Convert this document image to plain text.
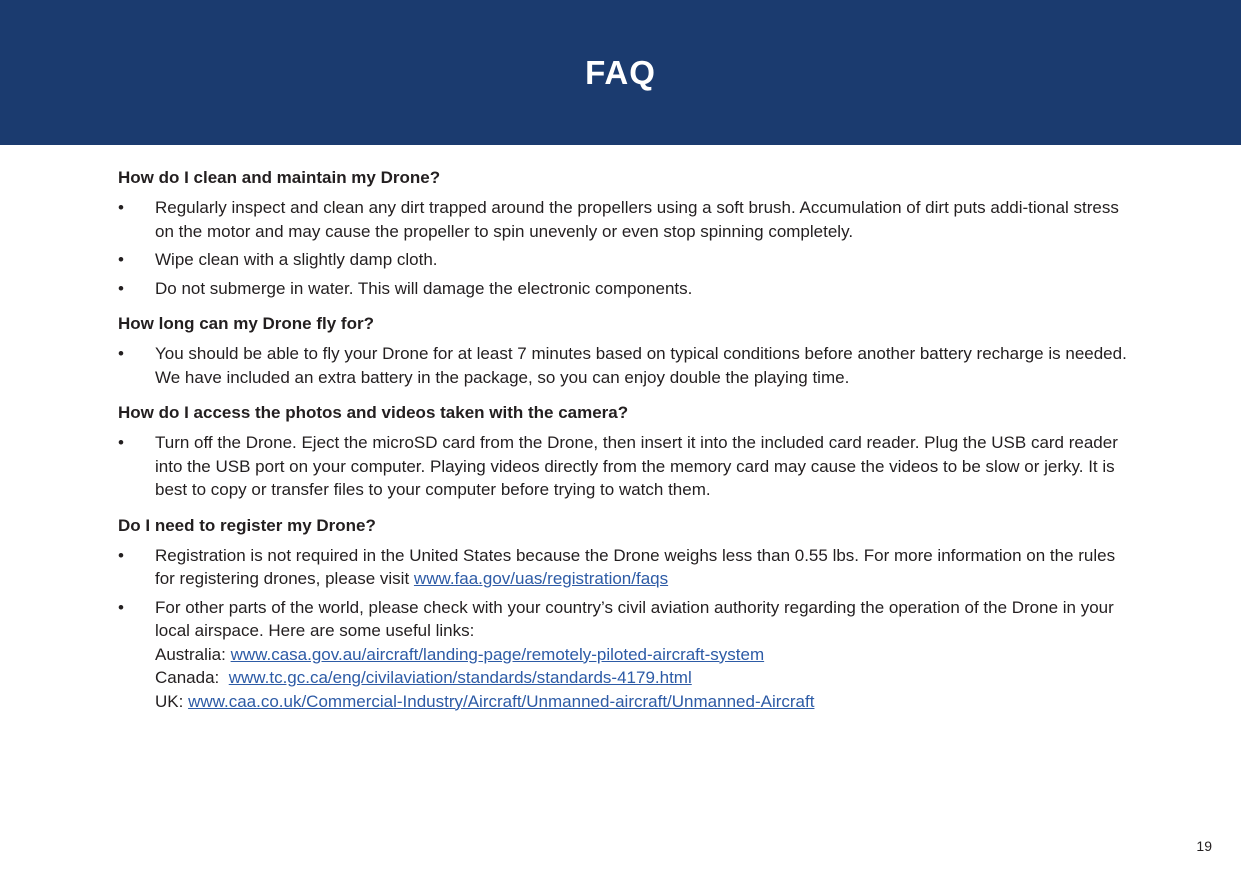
FAQ
How do I clean and maintain my Drone?
• Regularly inspect and clean any dirt trapped around the propellers using a soft brush. Accumulation of dirt puts addi-tional stress on the motor and may cause the propeller to spin unevenly or even stop spinning completely.
• Wipe clean with a slightly damp cloth.
• Do not submerge in water. This will damage the electronic components.
How long can my Drone fly for?
• You should be able to fly your Drone for at least 7 minutes based on typical conditions before another battery recharge is needed. We have included an extra battery in the package, so you can enjoy double the playing time.
How do I access the photos and videos taken with the camera?
• Turn off the Drone. Eject the microSD card from the Drone, then insert it into the included card reader. Plug the USB card reader into the USB port on your computer. Playing videos directly from the memory card may cause the videos to be slow or jerky. It is best to copy or transfer files to your computer before trying to watch them.
Do I need to register my Drone?
• Registration is not required in the United States because the Drone weighs less than 0.55 lbs. For more information on the rules for registering drones, please visit www.faa.gov/uas/registration/faqs
• For other parts of the world, please check with your country’s civil aviation authority regarding the operation of the Drone in your local airspace. Here are some useful links:
Australia: www.casa.gov.au/aircraft/landing-page/remotely-piloted-aircraft-system
Canada: www.tc.gc.ca/eng/civilaviation/standards/standards-4179.html
UK: www.caa.co.uk/Commercial-Industry/Aircraft/Unmanned-aircraft/Unmanned-Aircraft
19
